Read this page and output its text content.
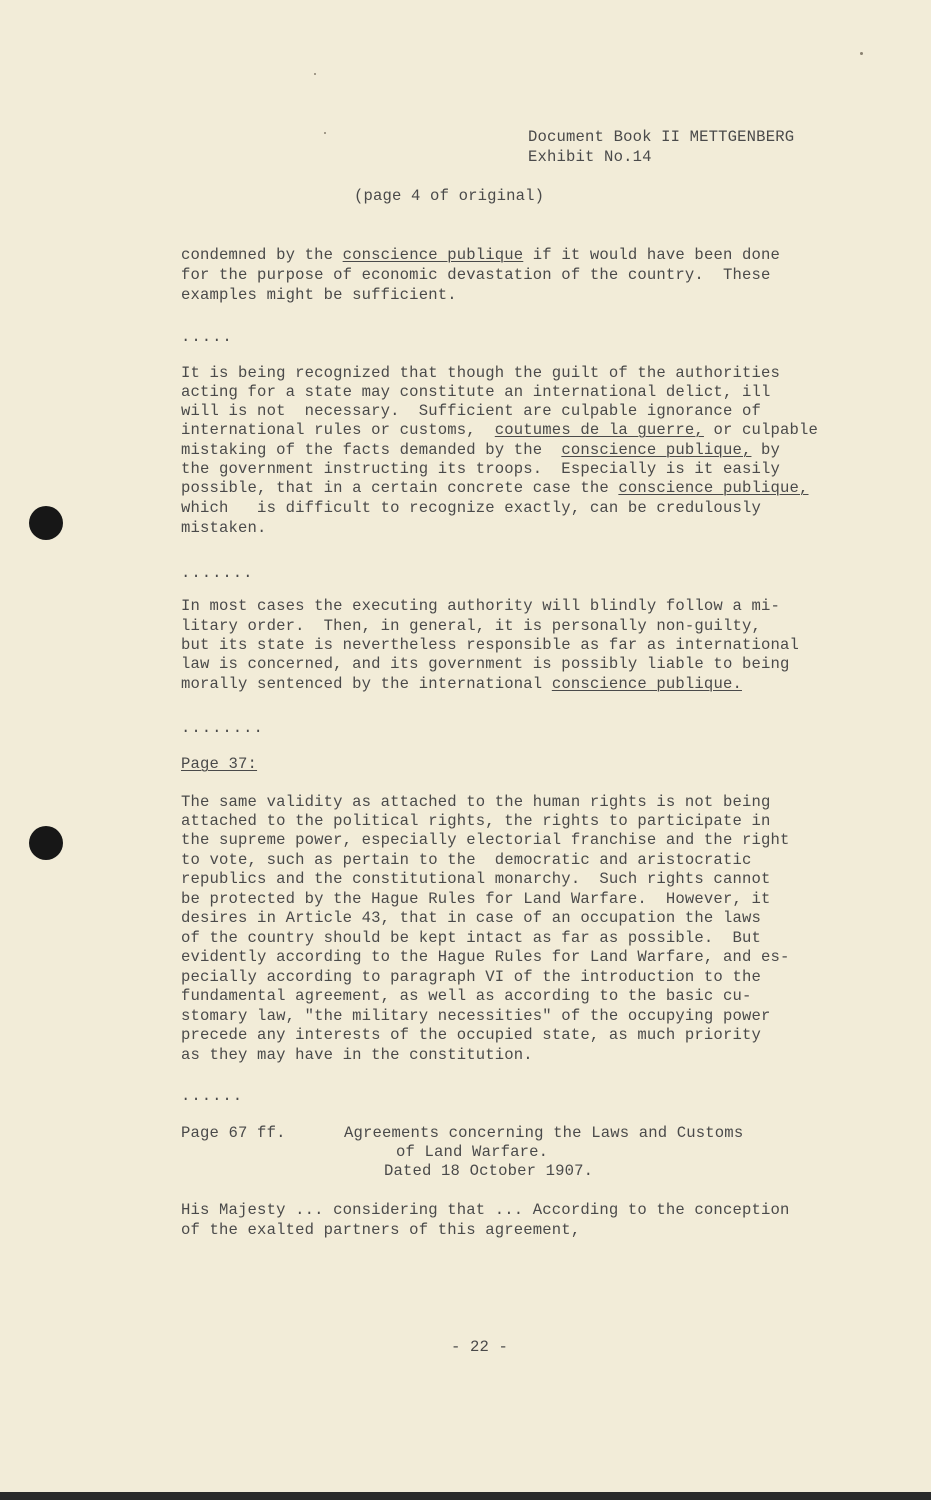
Document Book II METTGENBERG
Exhibit No.14
(page 4 of original)
condemned by the conscience publique if it would have been done
for the purpose of economic devastation of the country.  These
examples might be sufficient.
.....
It is being recognized that though the guilt of the authorities
acting for a state may constitute an international delict, ill
will is not  necessary.  Sufficient are culpable ignorance of
international rules or customs,  coutumes de la guerre, or culpable
mistaking of the facts demanded by the  conscience publique, by
the government instructing its troops.  Especially is it easily
possible, that in a certain concrete case the conscience publique,
which   is difficult to recognize exactly, can be credulously
mistaken.
.......
In most cases the executing authority will blindly follow a mi-
litary order.  Then, in general, it is personally non-guilty,
but its state is nevertheless responsible as far as international
law is concerned, and its government is possibly liable to being
morally sentenced by the international conscience publique.
........
Page 37:
The same validity as attached to the human rights is not being
attached to the political rights, the rights to participate in
the supreme power, especially electorial franchise and the right
to vote, such as pertain to the  democratic and aristocratic
republics and the constitutional monarchy.  Such rights cannot
be protected by the Hague Rules for Land Warfare.  However, it
desires in Article 43, that in case of an occupation the laws
of the country should be kept intact as far as possible.  But
evidently according to the Hague Rules for Land Warfare, and es-
pecially according to paragraph VI of the introduction to the
fundamental agreement, as well as according to the basic cu-
stomary law, "the military necessities" of the occupying power
precede any interests of the occupied state, as much priority
as they may have in the constitution.
......
Page 67 ff.	Agreements concerning the Laws and Customs
of Land Warfare.
Dated 18 October 1907.
His Majesty ... considering that ... According to the conception
of the exalted partners of this agreement,
- 22 -
